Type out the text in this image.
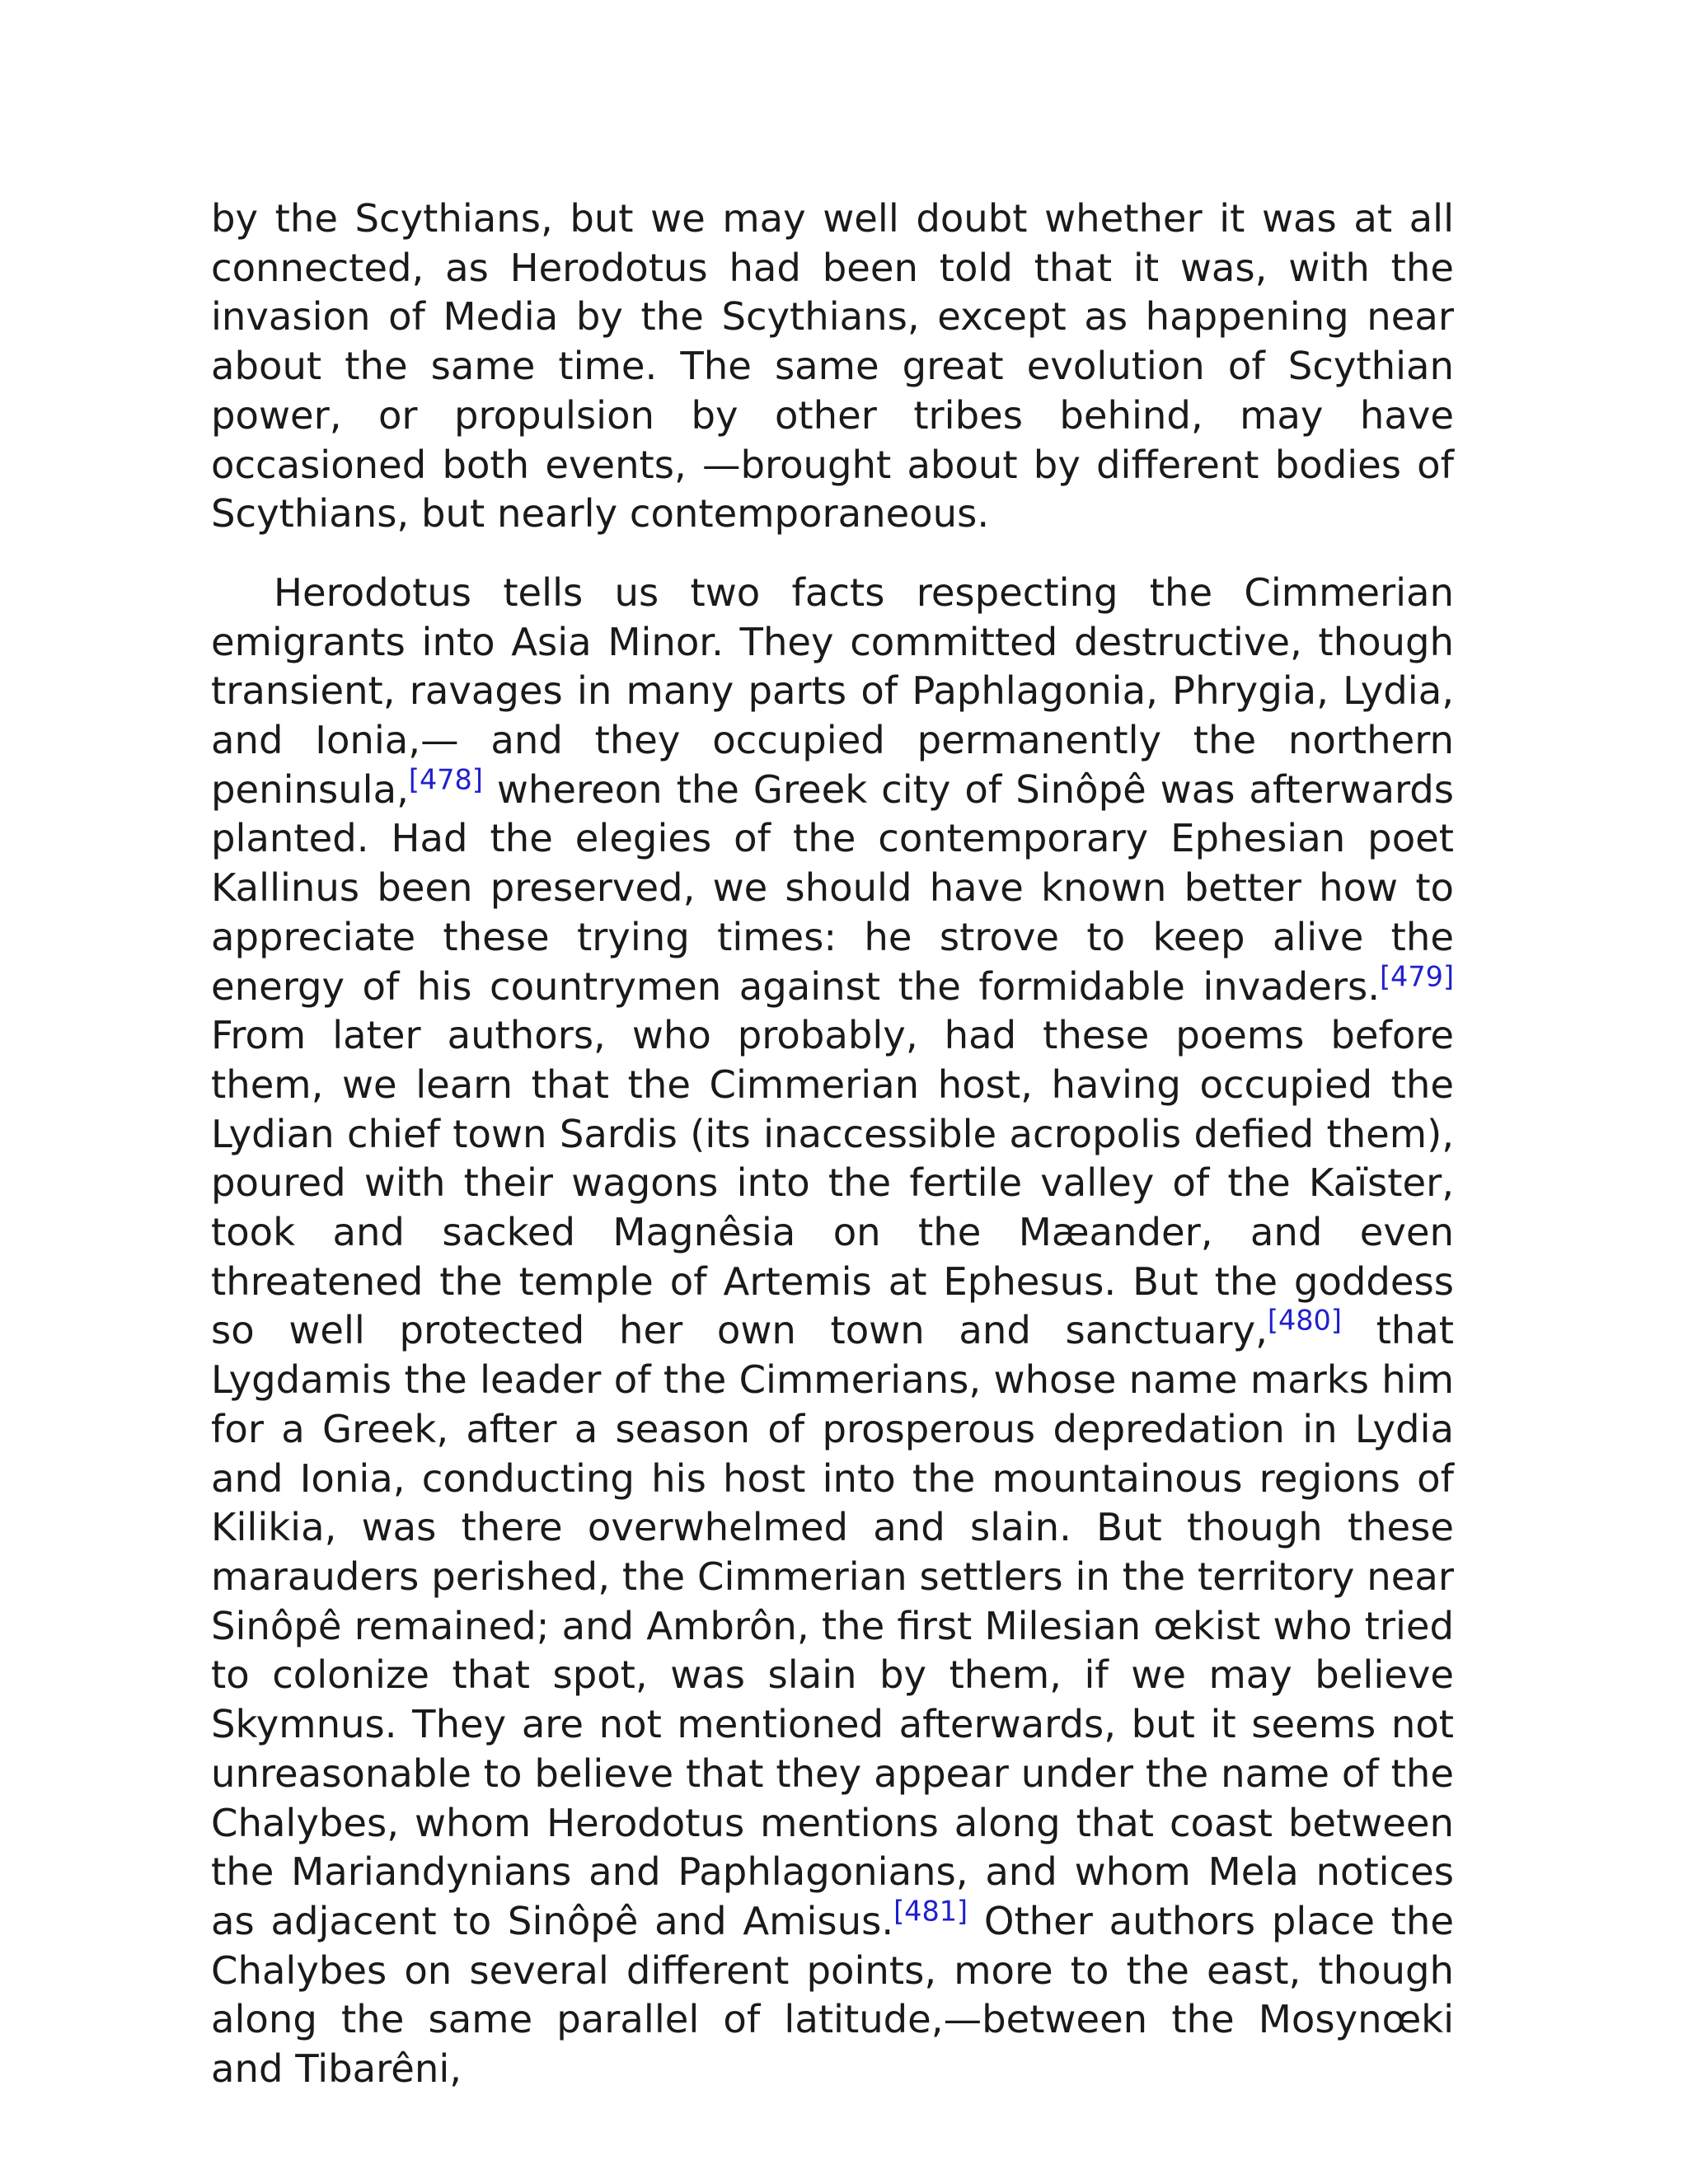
by the Scythians, but we may well doubt whether it was at all connected, as Herodotus had been told that it was, with the invasion of Media by the Scythians, except as happening near about the same time. The same great evolution of Scythian power, or propulsion by other tribes behind, may have occasioned both events, —brought about by different bodies of Scythians, but nearly contemporaneous.

Herodotus tells us two facts respecting the Cimmerian emigrants into Asia Minor. They committed destructive, though transient, ravages in many parts of Paphlagonia, Phrygia, Lydia, and Ionia,— and they occupied permanently the northern peninsula,[478] whereon the Greek city of Sinôpê was afterwards planted. Had the elegies of the contemporary Ephesian poet Kallinus been preserved, we should have known better how to appreciate these trying times: he strove to keep alive the energy of his countrymen against the formidable invaders.[479] From later authors, who probably, had these poems before them, we learn that the Cimmerian host, having occupied the Lydian chief town Sardis (its inaccessible acropolis defied them), poured with their wagons into the fertile valley of the Kaïster, took and sacked Magnêsia on the Mæander, and even threatened the temple of Artemis at Ephesus. But the goddess so well protected her own town and sanctuary,[480] that Lygdamis the leader of the Cimmerians, whose name marks him for a Greek, after a season of prosperous depredation in Lydia and Ionia, conducting his host into the mountainous regions of Kilikia, was there overwhelmed and slain. But though these marauders perished, the Cimmerian settlers in the territory near Sinôpê remained; and Ambrôn, the first Milesian œkist who tried to colonize that spot, was slain by them, if we may believe Skymnus. They are not mentioned afterwards, but it seems not unreasonable to believe that they appear under the name of the Chalybes, whom Herodotus mentions along that coast between the Mariandynians and Paphlagonians, and whom Mela notices as adjacent to Sinôpê and Amisus.[481] Other authors place the Chalybes on several different points, more to the east, though along the same parallel of latitude,—between the Mosynœki and Tibarêni,
